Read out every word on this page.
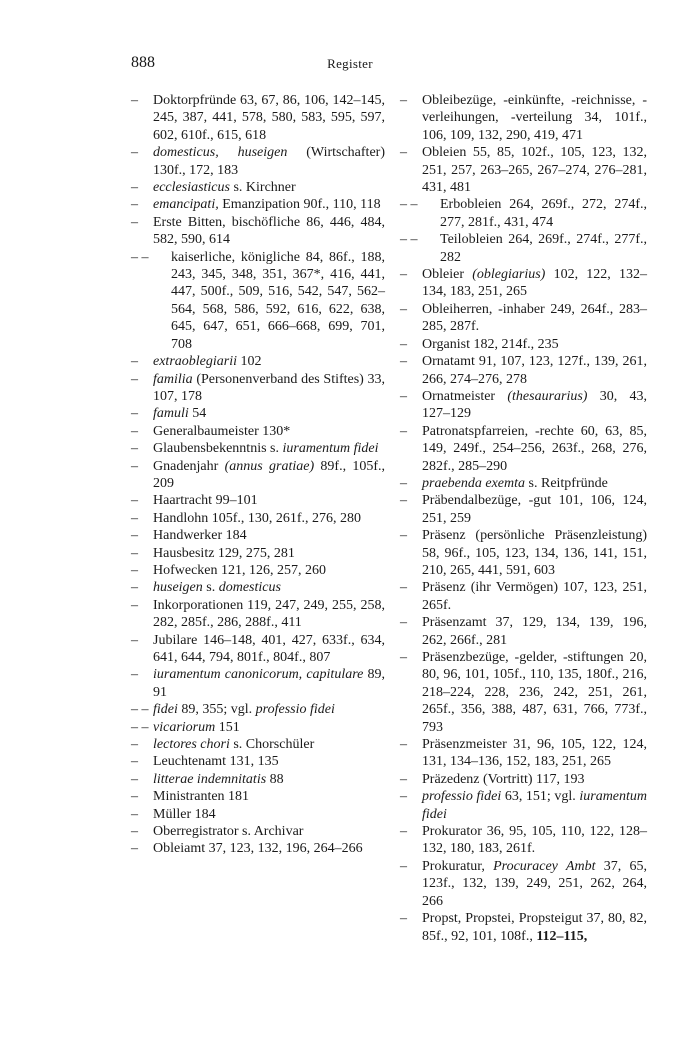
888	Register
– Doktorpfründe 63, 67, 86, 106, 142–145, 245, 387, 441, 578, 580, 583, 595, 597, 602, 610f., 615, 618
– domesticus, huseigen (Wirtschafter) 130f., 172, 183
– ecclesiasticus s. Kirchner
– emancipati, Emanzipation 90f., 110, 118
– Erste Bitten, bischöfliche 86, 446, 484, 582, 590, 614
– – kaiserliche, königliche 84, 86f., 188, 243, 345, 348, 351, 367*, 416, 441, 447, 500f., 509, 516, 542, 547, 562–564, 568, 586, 592, 616, 622, 638, 645, 647, 651, 666–668, 699, 701, 708
– extraoblegiarii 102
– familia (Personenverband des Stiftes) 33, 107, 178
– famuli 54
– Generalbaumeister 130*
– Glaubensbekenntnis s. iuramentum fidei
– Gnadenjahr (annus gratiae) 89f., 105f., 209
– Haartracht 99–101
– Handlohn 105f., 130, 261f., 276, 280
– Handwerker 184
– Hausbesitz 129, 275, 281
– Hofwecken 121, 126, 257, 260
– huseigen s. domesticus
– Inkorporationen 119, 247, 249, 255, 258, 282, 285f., 286, 288f., 411
– Jubilare 146–148, 401, 427, 633f., 634, 641, 644, 794, 801f., 804f., 807
– iuramentum canonicorum, capitulare 89, 91
– – fidei 89, 355; vgl. professio fidei
– – vicariorum 151
– lectores chori s. Chorschüler
– Leuchtenamt 131, 135
– litterae indemnitatis 88
– Ministranten 181
– Müller 184
– Oberregistrator s. Archivar
– Obleiamt 37, 123, 132, 196, 264–266
– Obleibezüge, -einkünfte, -reichnisse, -verleihungen, -verteilung 34, 101f., 106, 109, 132, 290, 419, 471
– Obleien 55, 85, 102f., 105, 123, 132, 251, 257, 263–265, 267–274, 276–281, 431, 481
– – Erbobleien 264, 269f., 272, 274f., 277, 281f., 431, 474
– – Teilobleien 264, 269f., 274f., 277f., 282
– Obleier (oblegiarius) 102, 122, 132–134, 183, 251, 265
– Obleiherren, -inhaber 249, 264f., 283–285, 287f.
– Organist 182, 214f., 235
– Ornatamt 91, 107, 123, 127f., 139, 261, 266, 274–276, 278
– Ornatmeister (thesaurarius) 30, 43, 127–129
– Patronatspfarreien, -rechte 60, 63, 85, 149, 249f., 254–256, 263f., 268, 276, 282f., 285–290
– praebenda exemta s. Reitpfründe
– Präbendalbezüge, -gut 101, 106, 124, 251, 259
– Präsenz (persönliche Präsenzleistung) 58, 96f., 105, 123, 134, 136, 141, 151, 210, 265, 441, 591, 603
– Präsenz (ihr Vermögen) 107, 123, 251, 265f.
– Präsenzamt 37, 129, 134, 139, 196, 262, 266f., 281
– Präsenzbezüge, -gelder, -stiftungen 20, 80, 96, 101, 105f., 110, 135, 180f., 216, 218–224, 228, 236, 242, 251, 261, 265f., 356, 388, 487, 631, 766, 773f., 793
– Präsenzmeister 31, 96, 105, 122, 124, 131, 134–136, 152, 183, 251, 265
– Präzedenz (Vortritt) 117, 193
– professio fidei 63, 151; vgl. iuramentum fidei
– Prokurator 36, 95, 105, 110, 122, 128–132, 180, 183, 261f.
– Prokuratur, Procuracey Ambt 37, 65, 123f., 132, 139, 249, 251, 262, 264, 266
– Propst, Propstei, Propsteigut 37, 80, 82, 85f., 92, 101, 108f., 112–115,
